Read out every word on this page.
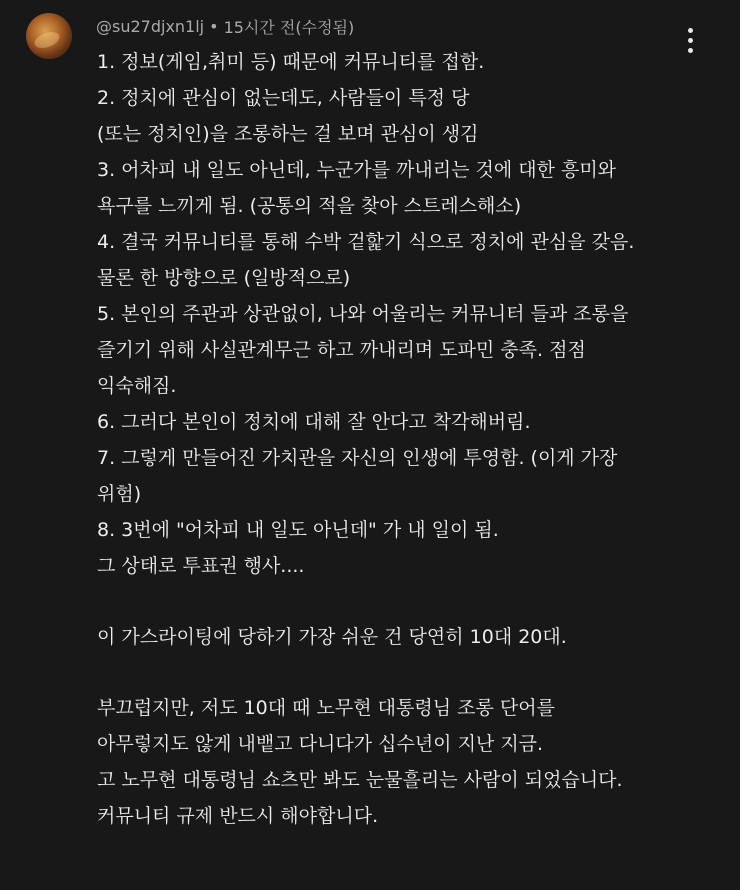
@su27djxn1lj • 15시간 전(수정됨)
1. 정보(게임,취미 등) 때문에 커뮤니티를 접함.
2. 정치에 관심이 없는데도, 사람들이 특정 당
(또는 정치인)을 조롱하는 걸 보며 관심이 생김
3. 어차피 내 일도 아닌데, 누군가를 까내리는 것에 대한 흥미와
욕구를 느끼게 됨. (공통의 적을 찾아 스트레스해소)
4. 결국 커뮤니티를 통해 수박 겉핥기 식으로 정치에 관심을 갖음.
물론 한 방향으로 (일방적으로)
5. 본인의 주관과 상관없이, 나와 어울리는 커뮤니터 들과 조롱을
즐기기 위해 사실관계무근 하고 까내리며 도파민 충족. 점점
익숙해짐.
6. 그러다 본인이 정치에 대해 잘 안다고 착각해버림.
7. 그렇게 만들어진 가치관을 자신의 인생에 투영함. (이게 가장
위험)
8. 3번에 "어차피 내 일도 아닌데" 가 내 일이 됨.
그 상태로 투표권 행사....
이 가스라이팅에 당하기 가장 쉬운 건 당연히 10대 20대.
부끄럽지만, 저도 10대 때 노무현 대통령님 조롱 단어를
아무렇지도 않게 내뱉고 다니다가 십수년이 지난 지금.
고 노무현 대통령님 쇼츠만 봐도 눈물흘리는 사람이 되었습니다.
커뮤니티 규제 반드시 해야합니다.
